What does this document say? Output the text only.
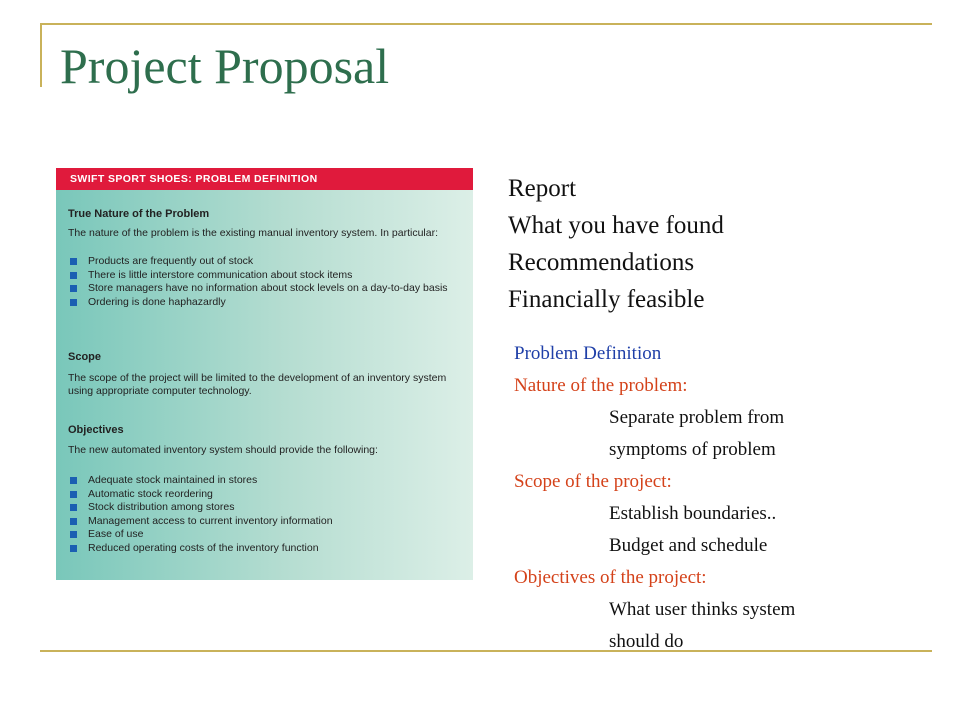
Project Proposal
SWIFT SPORT SHOES: PROBLEM DEFINITION
True Nature of the Problem
The nature of the problem is the existing manual inventory system. In particular:
Products are frequently out of stock
There is little interstore communication about stock items
Store managers have no information about stock levels on a day-to-day basis
Ordering is done haphazardly
Scope
The scope of the project will be limited to the development of an inventory system using appropriate computer technology.
Objectives
The new automated inventory system should provide the following:
Adequate stock maintained in stores
Automatic stock reordering
Stock distribution among stores
Management access to current inventory information
Ease of use
Reduced operating costs of the inventory function
Report
What you have found
Recommendations
Financially feasible
Problem Definition
Nature of the problem:
Separate problem from
symptoms of problem
Scope of the project:
Establish boundaries..
Budget and schedule
Objectives of the project:
What user thinks system
should do
